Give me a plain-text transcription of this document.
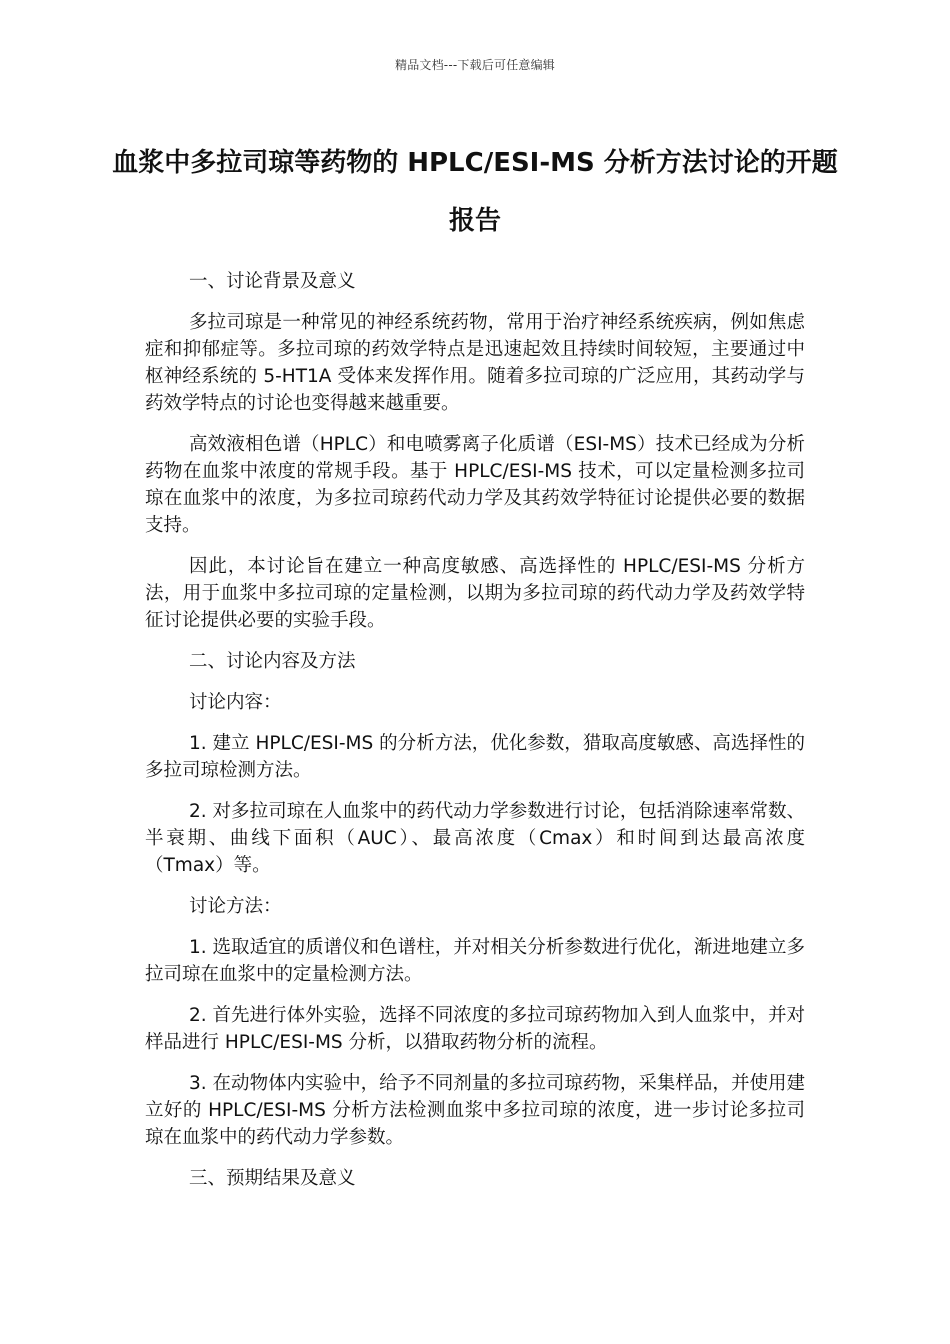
精品文档---下载后可任意编辑
血浆中多拉司琼等药物的 HPLC/ESI-MS 分析方法讨论的开题报告

一、讨论背景及意义

多拉司琼是一种常见的神经系统药物，常用于治疗神经系统疾病，例如焦虑症和抑郁症等。多拉司琼的药效学特点是迅速起效且持续时间较短，主要通过中枢神经系统的 5-HT1A 受体来发挥作用。随着多拉司琼的广泛应用，其药动学与药效学特点的讨论也变得越来越重要。

高效液相色谱（HPLC）和电喷雾离子化质谱（ESI-MS）技术已经成为分析药物在血浆中浓度的常规手段。基于 HPLC/ESI-MS 技术，可以定量检测多拉司琼在血浆中的浓度，为多拉司琼药代动力学及其药效学特征讨论提供必要的数据支持。

因此，本讨论旨在建立一种高度敏感、高选择性的 HPLC/ESI-MS 分析方法，用于血浆中多拉司琼的定量检测，以期为多拉司琼的药代动力学及药效学特征讨论提供必要的实验手段。

二、讨论内容及方法

讨论内容：

1. 建立 HPLC/ESI-MS 的分析方法，优化参数，猎取高度敏感、高选择性的多拉司琼检测方法。

2. 对多拉司琼在人血浆中的药代动力学参数进行讨论，包括消除速率常数、半衰期、曲线下面积（AUC）、最高浓度（Cmax）和时间到达最高浓度（Tmax）等。

讨论方法：

1. 选取适宜的质谱仪和色谱柱，并对相关分析参数进行优化，渐进地建立多拉司琼在血浆中的定量检测方法。

2. 首先进行体外实验，选择不同浓度的多拉司琼药物加入到人血浆中，并对样品进行 HPLC/ESI-MS 分析，以猎取药物分析的流程。

3. 在动物体内实验中，给予不同剂量的多拉司琼药物，采集样品，并使用建立好的 HPLC/ESI-MS 分析方法检测血浆中多拉司琼的浓度，进一步讨论多拉司琼在血浆中的药代动力学参数。

三、预期结果及意义
